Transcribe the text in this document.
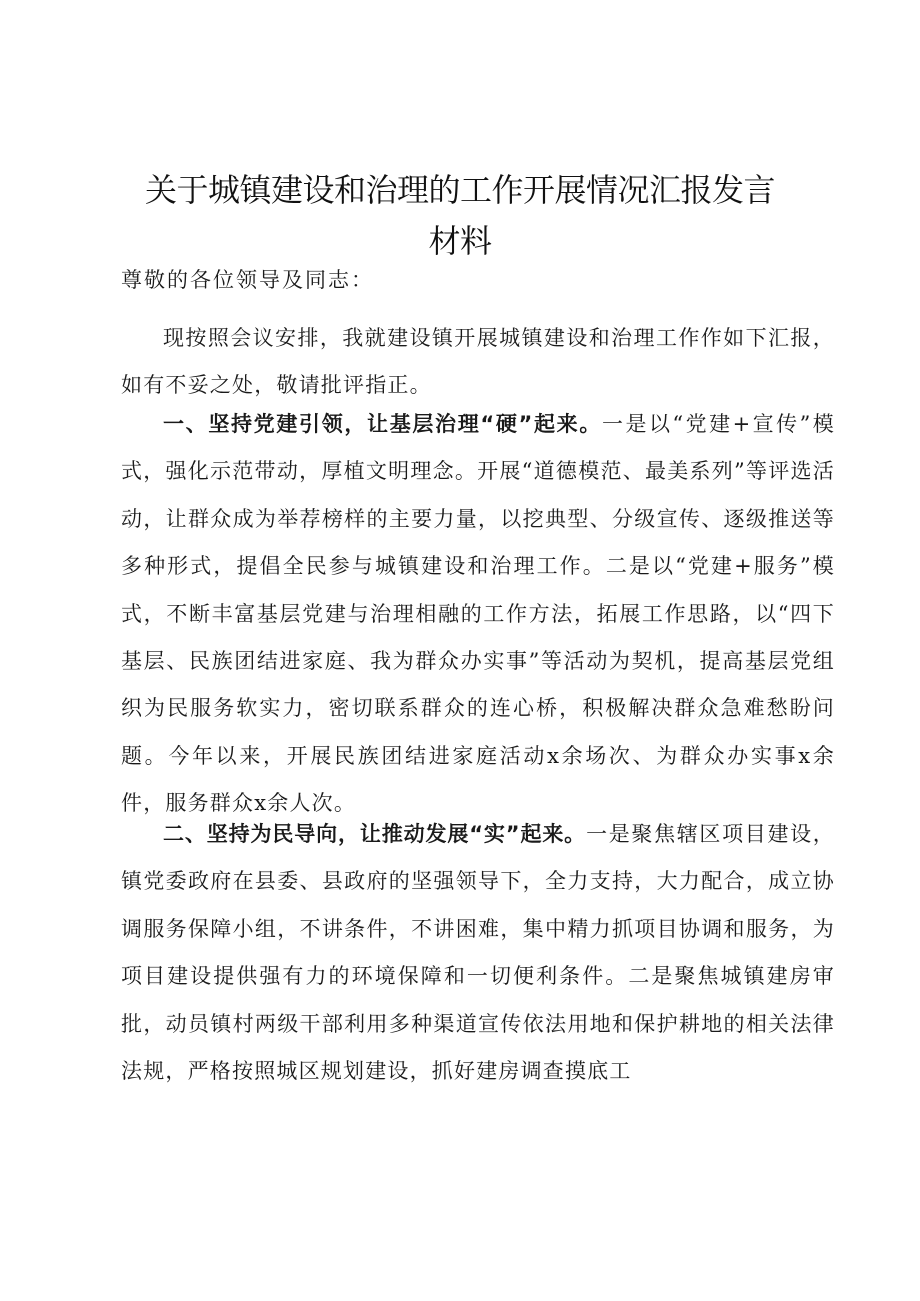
关于城镇建设和治理的工作开展情况汇报发言
材料

尊敬的各位领导及同志：

现按照会议安排，我就建设镇开展城镇建设和治理工作作如下汇报，如有不妥之处，敬请批评指正。

一、坚持党建引领，让基层治理“硬”起来。一是以“党建+宣传”模式，强化示范带动，厚植文明理念。开展“道德模范、最美系列”等评选活动，让群众成为举荐榜样的主要力量，以挖典型、分级宣传、逐级推送等多种形式，提倡全民参与城镇建设和治理工作。二是以“党建+服务”模式，不断丰富基层党建与治理相融的工作方法，拓展工作思路，以“四下基层、民族团结进家庭、我为群众办实事”等活动为契机，提高基层党组织为民服务软实力，密切联系群众的连心桥，积极解决群众急难愁盼问题。今年以来，开展民族团结进家庭活动x余场次、为群众办实事x余件，服务群众x余人次。

二、坚持为民导向，让推动发展“实”起来。一是聚焦辖区项目建设，镇党委政府在县委、县政府的坚强领导下，全力支持，大力配合，成立协调服务保障小组，不讲条件，不讲困难，集中精力抓项目协调和服务，为项目建设提供强有力的环境保障和一切便利条件。二是聚焦城镇建房审批，动员镇村两级干部利用多种渠道宣传依法用地和保护耕地的相关法律法规，严格按照城区规划建设，抓好建房调查摸底工
